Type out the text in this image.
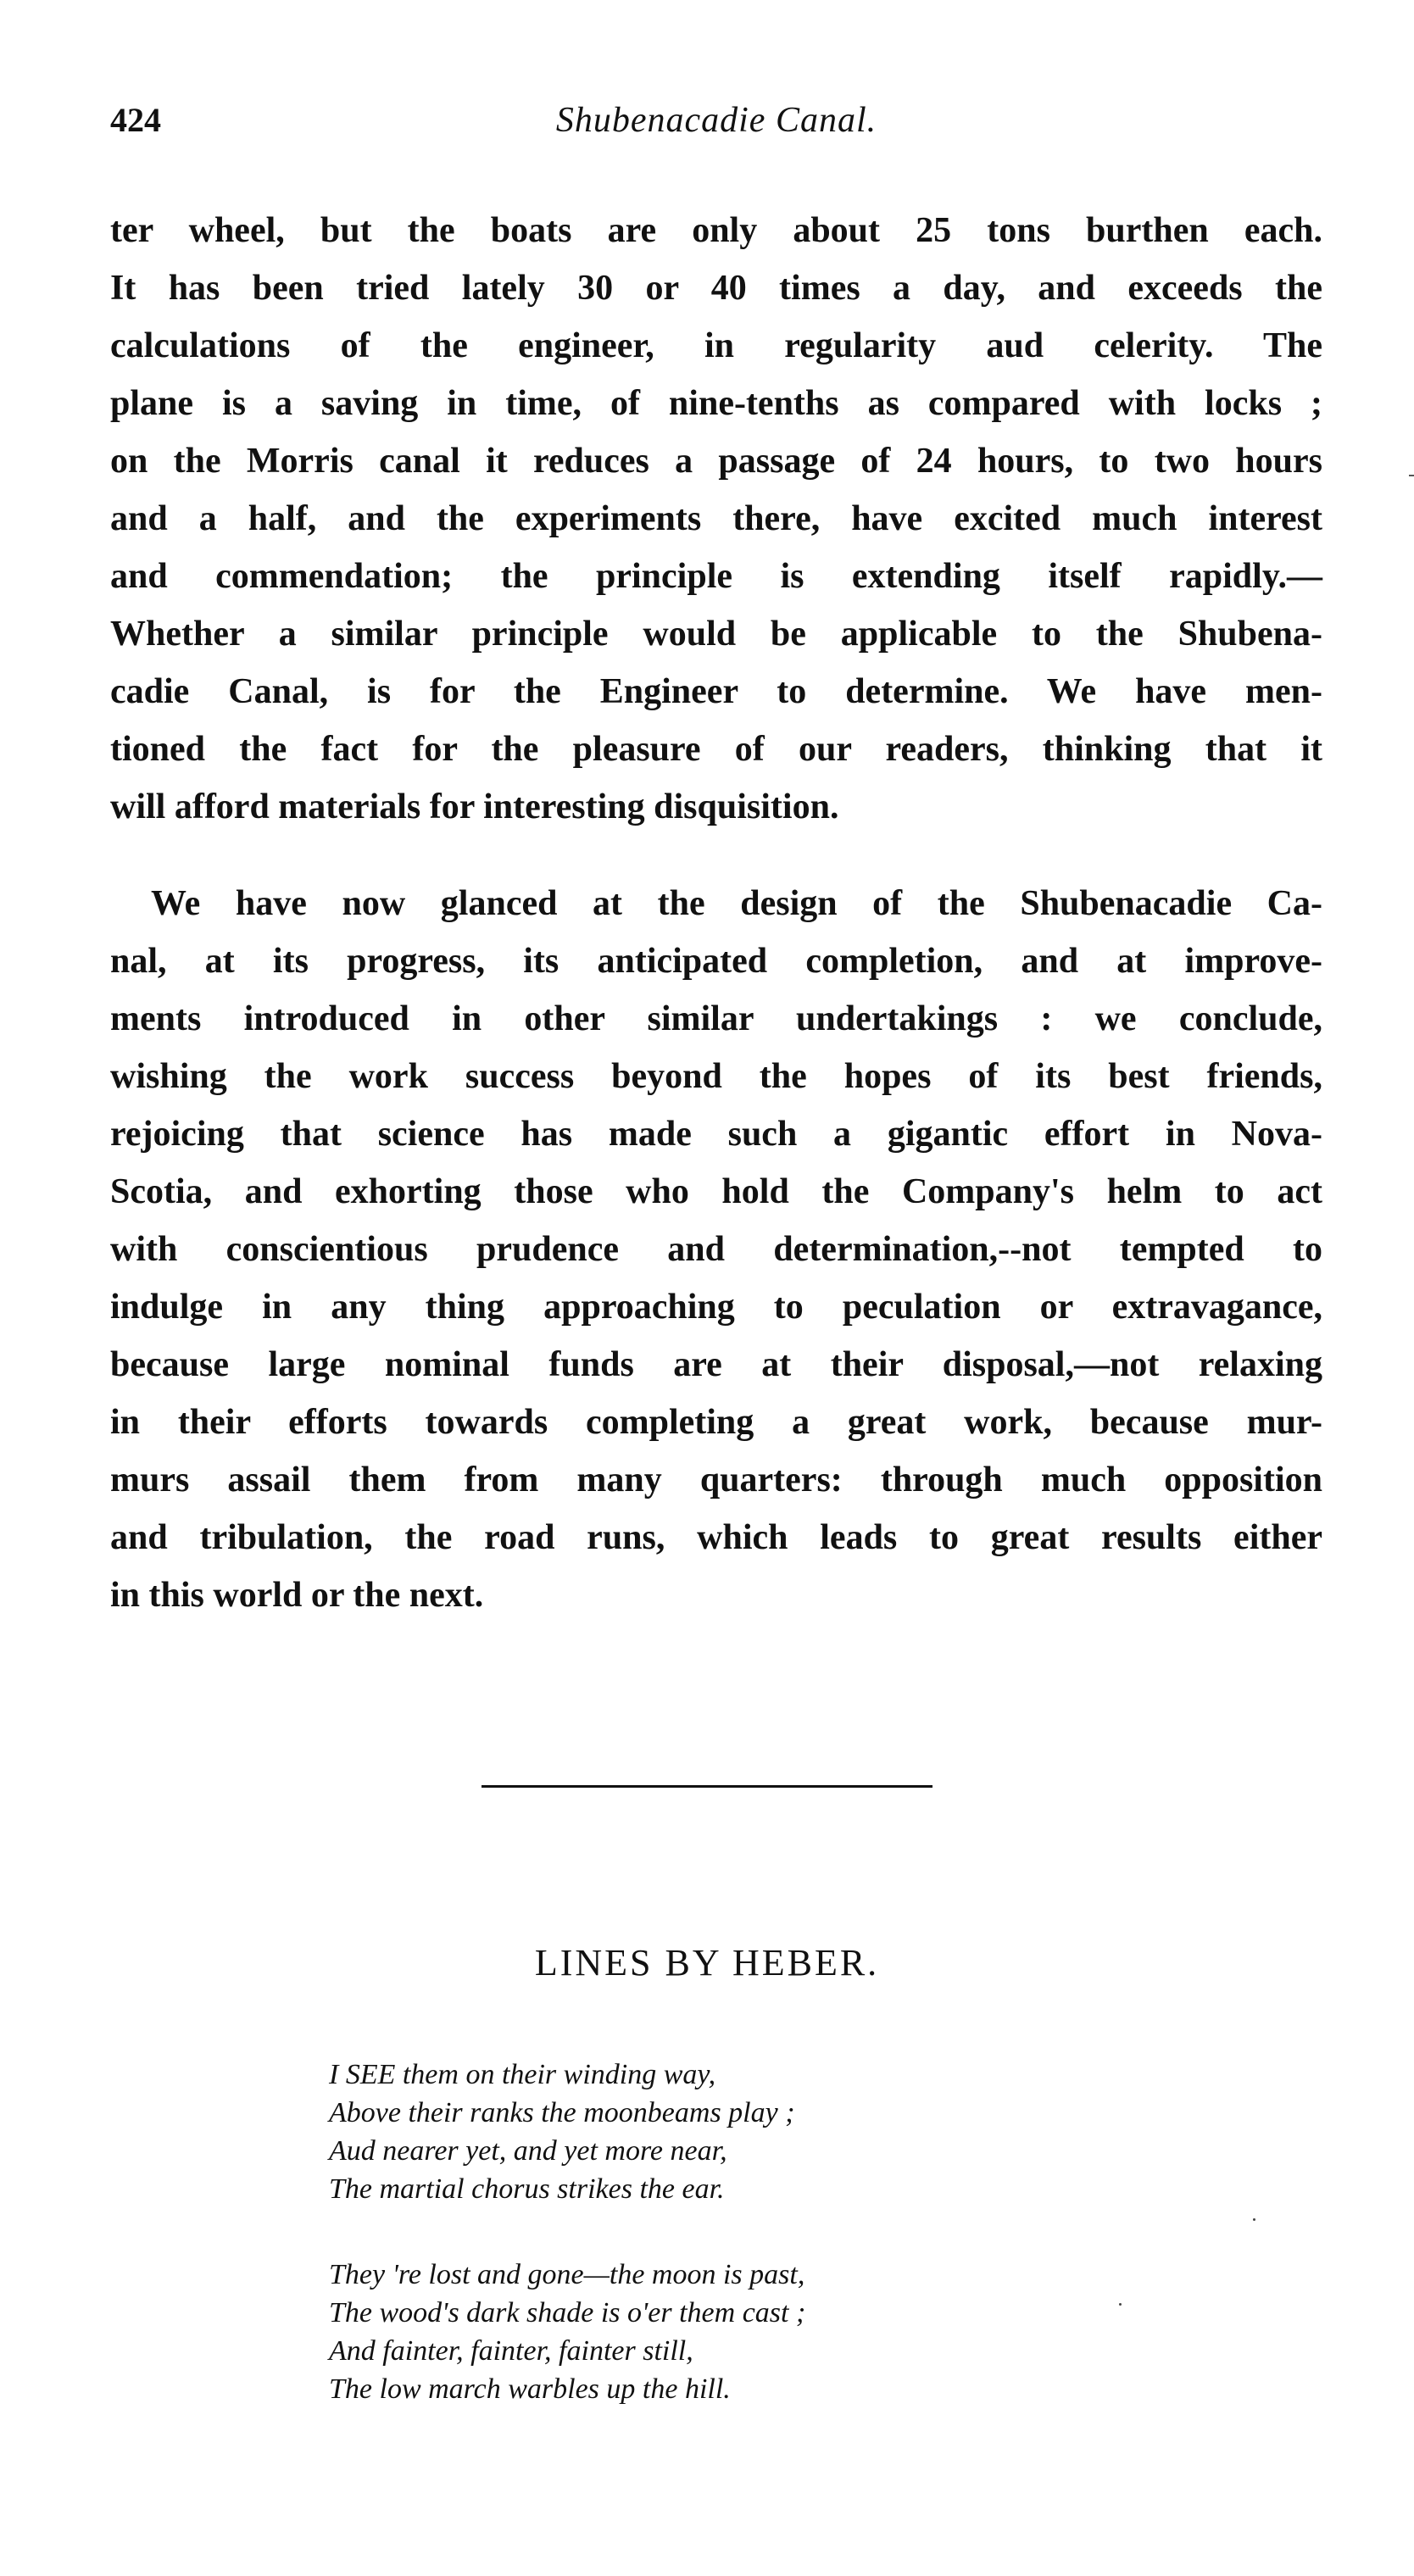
424	Shubenacadie Canal.
ter wheel, but the boats are only about 25 tons burthen each.
It has been tried lately 30 or 40 times a day, and exceeds the
calculations of the engineer, in regularity aud celerity. The
plane is a saving in time, of nine-tenths as compared with locks ;
on the Morris canal it reduces a passage of 24 hours, to two hours
and a half, and the experiments there, have excited much interest
and commendation; the principle is extending itself rapidly.—
Whether a similar principle would be applicable to the Shubena-
cadie Canal, is for the Engineer to determine. We have men-
tioned the fact for the pleasure of our readers, thinking that it
will afford materials for interesting disquisition.
We have now glanced at the design of the Shubenacadie Ca-
nal, at its progress, its anticipated completion, and at improve-
ments introduced in other similar undertakings : we conclude,
wishing the work success beyond the hopes of its best friends,
rejoicing that science has made such a gigantic effort in Nova-
Scotia, and exhorting those who hold the Company's helm to act
with conscientious prudence and determination,--not tempted to
indulge in any thing approaching to peculation or extravagance,
because large nominal funds are at their disposal,—not relaxing
in their efforts towards completing a great work, because mur-
murs assail them from many quarters: through much opposition
and tribulation, the road runs, which leads to great results either
in this world or the next.
LINES BY HEBER.
I SEE them on their winding way,
Above their ranks the moonbeams play ;
Aud nearer yet, and yet more near,
The martial chorus strikes the ear.
They 're lost and gone—the moon is past,
The wood's dark shade is o'er them cast ;
And fainter, fainter, fainter still,
The low march warbles up the hill.
